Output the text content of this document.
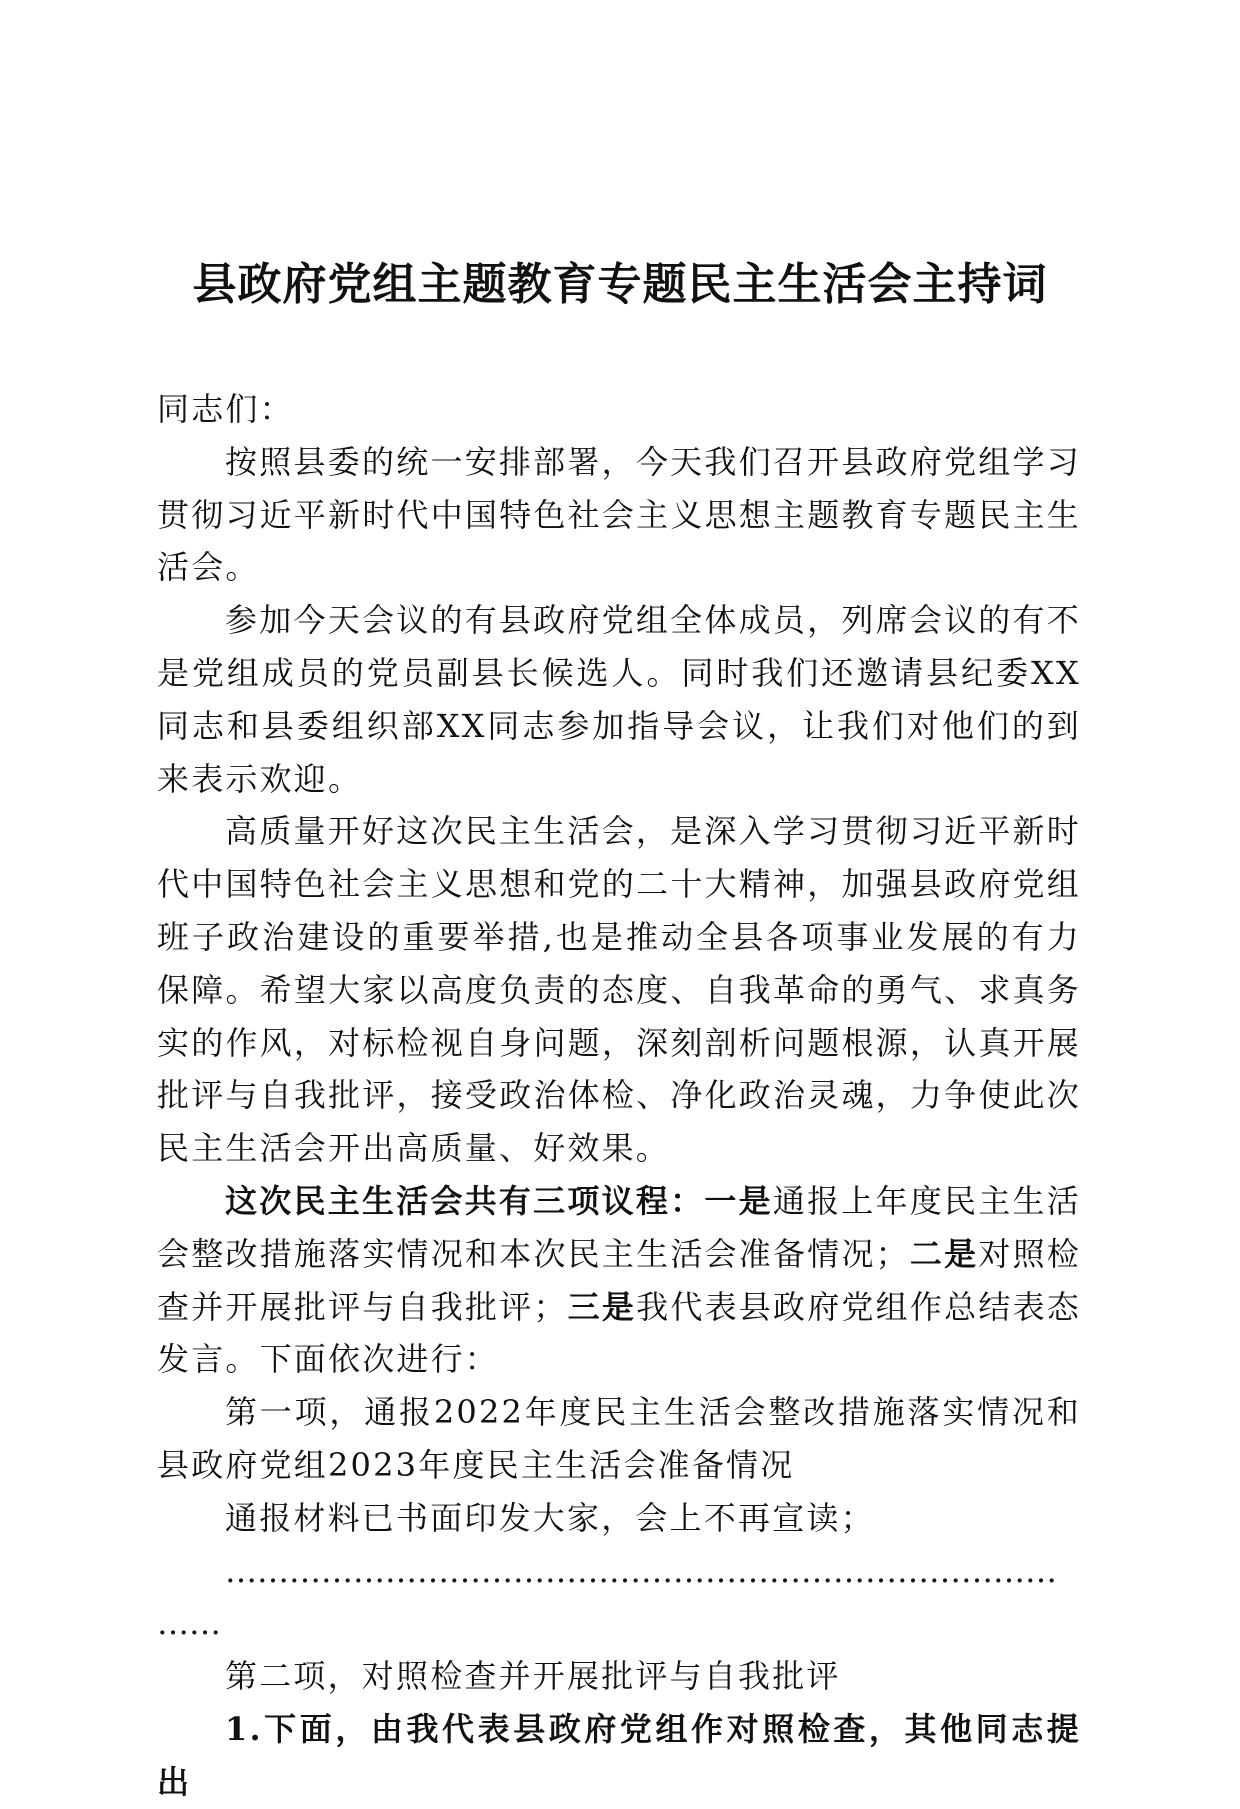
县政府党组主题教育专题民主生活会主持词

同志们：

按照县委的统一安排部署，今天我们召开县政府党组学习贯彻习近平新时代中国特色社会主义思想主题教育专题民主生活会。

参加今天会议的有县政府党组全体成员，列席会议的有不是党组成员的党员副县长候选人。同时我们还邀请县纪委XX同志和县委组织部XX同志参加指导会议，让我们对他们的到来表示欢迎。

高质量开好这次民主生活会，是深入学习贯彻习近平新时代中国特色社会主义思想和党的二十大精神，加强县政府党组班子政治建设的重要举措,也是推动全县各项事业发展的有力保障。希望大家以高度负责的态度、自我革命的勇气、求真务实的作风，对标检视自身问题，深刻剖析问题根源，认真开展批评与自我批评，接受政治体检、净化政治灵魂，力争使此次民主生活会开出高质量、好效果。

这次民主生活会共有三项议程：一是通报上年度民主生活会整改措施落实情况和本次民主生活会准备情况；二是对照检查并开展批评与自我批评；三是我代表县政府党组作总结表态发言。下面依次进行：

第一项，通报2022年度民主生活会整改措施落实情况和县政府党组2023年度民主生活会准备情况

通报材料已书面印发大家，会上不再宣读；

…………………………………………………………………………

第二项，对照检查并开展批评与自我批评

1.下面，由我代表县政府党组作对照检查，其他同志提出
